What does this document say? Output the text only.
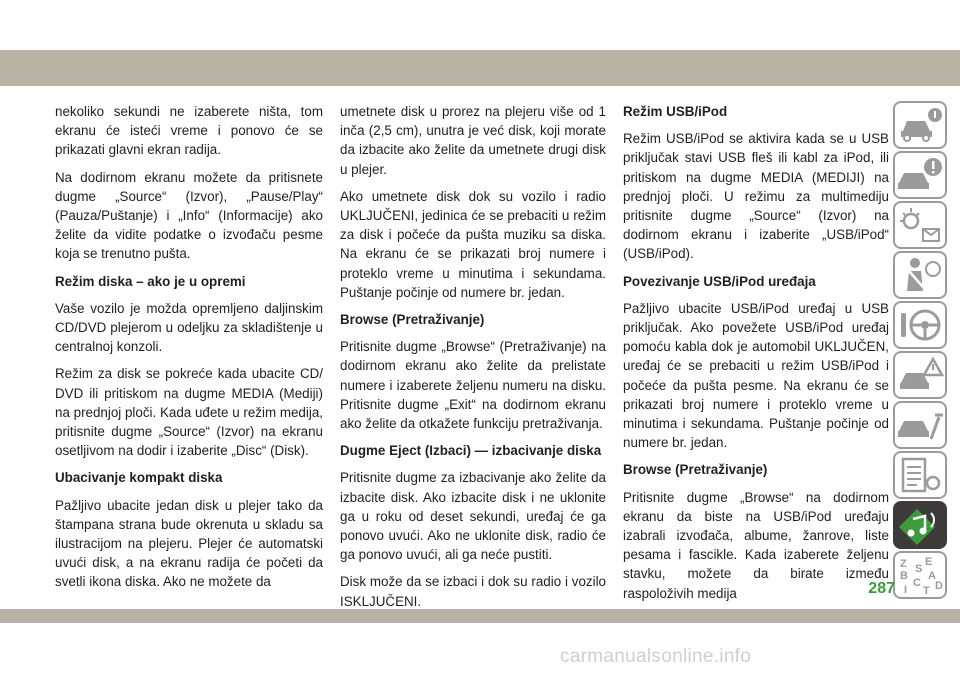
nekoliko sekundi ne izaberete ništa, tom ekranu će isteći vreme i ponovo će se prikazati glavni ekran radija.

Na dodirnom ekranu možete da pritisnete dugme „Source“ (Izvor), „Pause/Play“ (Pauza/Puštanje) i „Info“ (Informacije) ako želite da vidite podatke o izvođaču pesme koja se trenutno pušta.

Režim diska – ako je u opremi

Vaše vozilo je možda opremljeno daljinskim CD/DVD plejerom u odeljku za skladištenje u centralnoj konzoli.

Režim za disk se pokreće kada ubacite CD/ DVD ili pritiskom na dugme MEDIA (Mediji) na prednjoj ploči. Kada uđete u režim medija, pritisnite dugme „Source“ (Izvor) na ekranu osetljivom na dodir i izaberite „Disc“ (Disk).

Ubacivanje kompakt diska

Pažljivo ubacite jedan disk u plejer tako da štampana strana bude okrenuta u skladu sa ilustracijom na plejeru. Plejer će automatski uvući disk, a na ekranu radija će početi da svetli ikona diska. Ako ne možete da

umetnete disk u prorez na plejeru više od 1 inča (2,5 cm), unutra je već disk, koji morate da izbacite ako želite da umetnete drugi disk u plejer.

Ako umetnete disk dok su vozilo i radio UKLJUČENI, jedinica će se prebaciti u režim za disk i počeće da pušta muziku sa diska. Na ekranu će se prikazati broj numere i proteklo vreme u minutima i sekundama. Puštanje počinje od numere br. jedan.

Browse (Pretraživanje)

Pritisnite dugme „Browse“ (Pretraživanje) na dodirnom ekranu ako želite da prelistate numere i izaberete željenu numeru na disku. Pritisnite dugme „Exit“ na dodirnom ekranu ako želite da otkažete funkciju pretraživanja.

Dugme Eject (Izbaci) — izbacivanje diska

Pritisnite dugme za izbacivanje ako želite da izbacite disk. Ako izbacite disk i ne uklonite ga u roku od deset sekundi, uređaj će ga ponovo uvući. Ako ne uklonite disk, radio će ga ponovo uvući, ali ga neće pustiti.

Disk može da se izbaci i dok su radio i vozilo ISKLJUČENI.

Režim USB/iPod

Režim USB/iPod se aktivira kada se u USB priključak stavi USB fleš ili kabl za iPod, ili pritiskom na dugme MEDIA (MEDIJI) na prednjoj ploči. U režimu za multimediju pritisnite dugme „Source“ (Izvor) na dodirnom ekranu i izaberite „USB/iPod“ (USB/iPod).

Povezivanje USB/iPod uređaja

Pažljivo ubacite USB/iPod uređaj u USB priključak. Ako povežete USB/iPod uređaj pomoću kabla dok je automobil UKLJUČEN, uređaj će se prebaciti u režim USB/iPod i počeće da pušta pesme. Na ekranu će se prikazati broj numere i proteklo vreme u minutima i sekundama. Puštanje počinje od numere br. jedan.

Browse (Pretraživanje)

Pritisnite dugme „Browse“ na dodirnom ekranu da biste na USB/iPod uređaju izabrali izvođača, albume, žanrove, liste pesama i fascikle. Kada izaberete željenu stavku, možete da birate između raspoloživih medija

Z E
S
B A
C D
I T
287
carmanualsonline.info
